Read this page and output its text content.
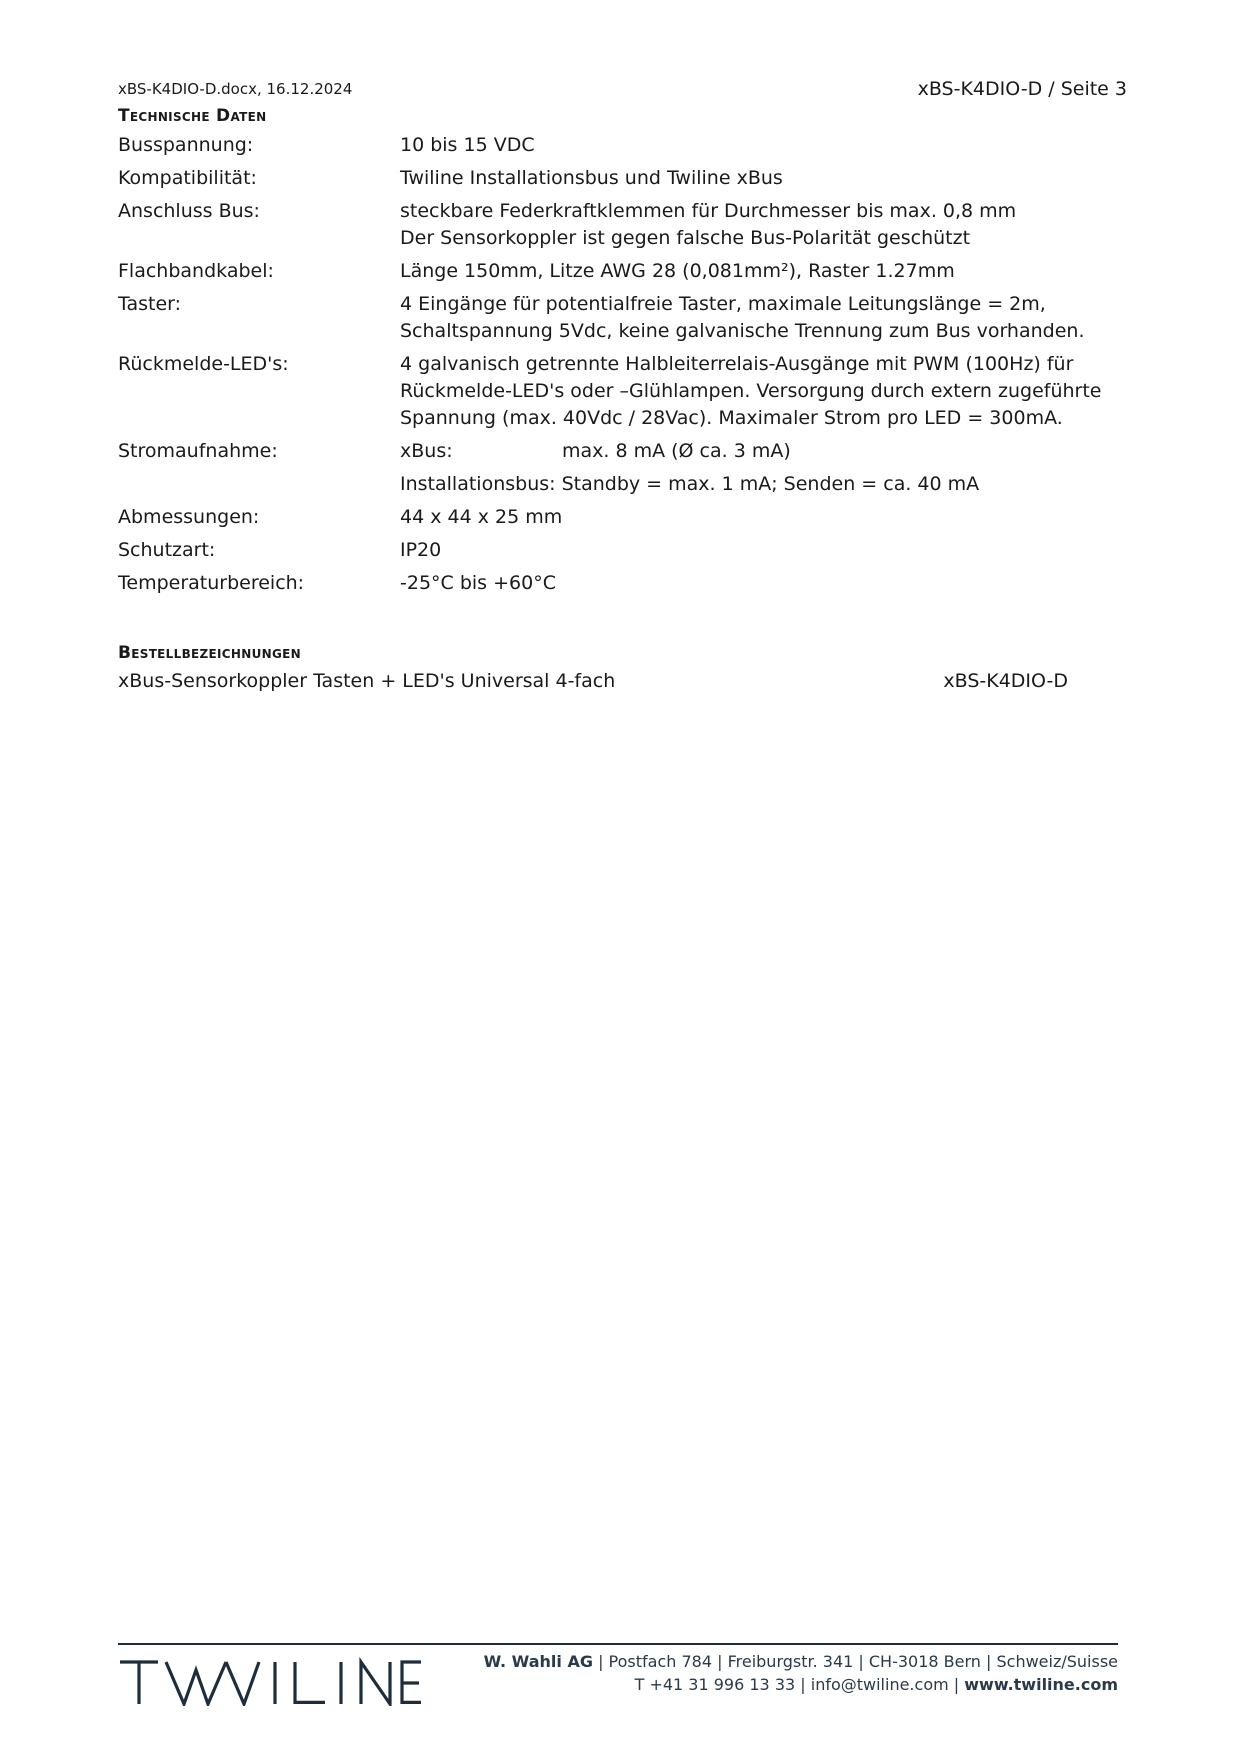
xBS-K4DIO-D.docx, 16.12.2024	xBS-K4DIO-D / Seite 3
Technische Daten
Busspannung:	10 bis 15 VDC
Kompatibilität:	Twiline Installationsbus und Twiline xBus
Anschluss Bus:	steckbare Federkraftklemmen für Durchmesser bis max. 0,8 mm
Der Sensorkoppler ist gegen falsche Bus-Polarität geschützt
Flachbandkabel:	Länge 150mm, Litze AWG 28 (0,081mm²), Raster 1.27mm
Taster:	4 Eingänge für potentialfreie Taster, maximale Leitungslänge = 2m,
Schaltspannung 5Vdc, keine galvanische Trennung zum Bus vorhanden.
Rückmelde-LED's:	4 galvanisch getrennte Halbleiterrelais-Ausgänge mit PWM (100Hz) für
Rückmelde-LED's oder –Glühlampen. Versorgung durch extern zugeführte
Spannung (max. 40Vdc / 28Vac). Maximaler Strom pro LED = 300mA.
Stromaufnahme:	xBus:	max. 8 mA (Ø ca. 3 mA)
Installationsbus: Standby = max. 1 mA; Senden = ca. 40 mA
Abmessungen:	44 x 44 x 25 mm
Schutzart:	IP20
Temperaturbereich:	-25°C bis +60°C
Bestellbezeichnungen
xBus-Sensorkoppler Tasten + LED's Universal 4-fach	xBS-K4DIO-D
W. Wahli AG | Postfach 784 | Freiburgstr. 341 | CH-3018 Bern | Schweiz/Suisse
T +41 31 996 13 33 | info@twiline.com | www.twiline.com
